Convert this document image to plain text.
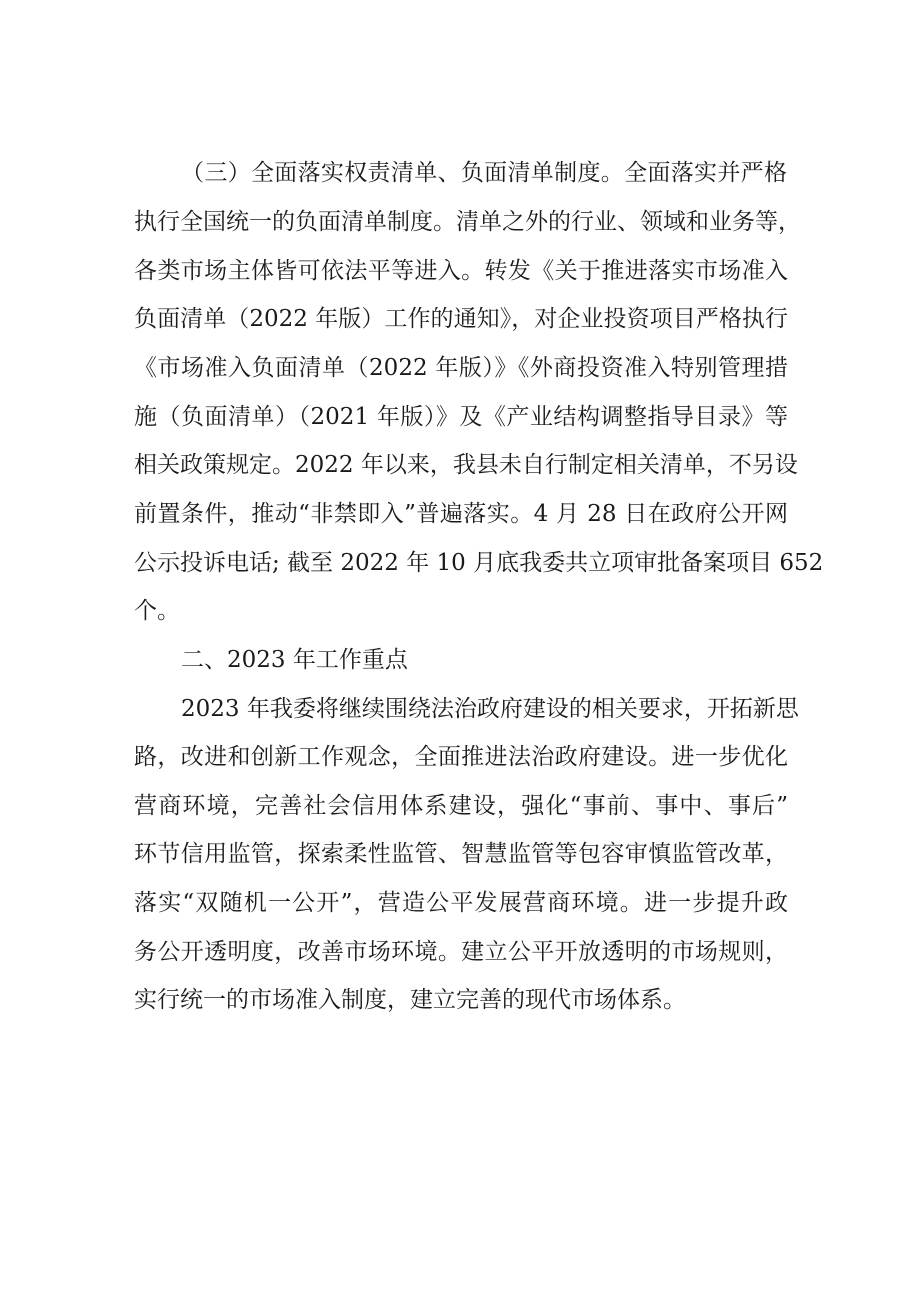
（三）全面落实权责清单、负面清单制度。全面落实并严格

执行全国统一的负面清单制度。清单之外的行业、领域和业务等，

各类市场主体皆可依法平等进入。转发《关于推进落实市场准入

负面清单（2022 年版）工作的通知》，对企业投资项目严格执行

《市场准入负面清单（2022 年版）》《外商投资准入特别管理措

施（负面清单）（2021 年版）》及《产业结构调整指导目录》等

相关政策规定。2022 年以来，我县未自行制定相关清单，不另设

前置条件，推动“非禁即入”普遍落实。4 月 28 日在政府公开网

公示投诉电话; 截至 2022 年 10 月底我委共立项审批备案项目 652

个。

二、2023 年工作重点

2023 年我委将继续围绕法治政府建设的相关要求，开拓新思

路，改进和创新工作观念，全面推进法治政府建设。进一步优化

营商环境，完善社会信用体系建设，强化“事前、事中、事后”

环节信用监管，探索柔性监管、智慧监管等包容审慎监管改革，

落实“双随机一公开”，营造公平发展营商环境。进一步提升政

务公开透明度，改善市场环境。建立公平开放透明的市场规则，

实行统一的市场准入制度，建立完善的现代市场体系。
